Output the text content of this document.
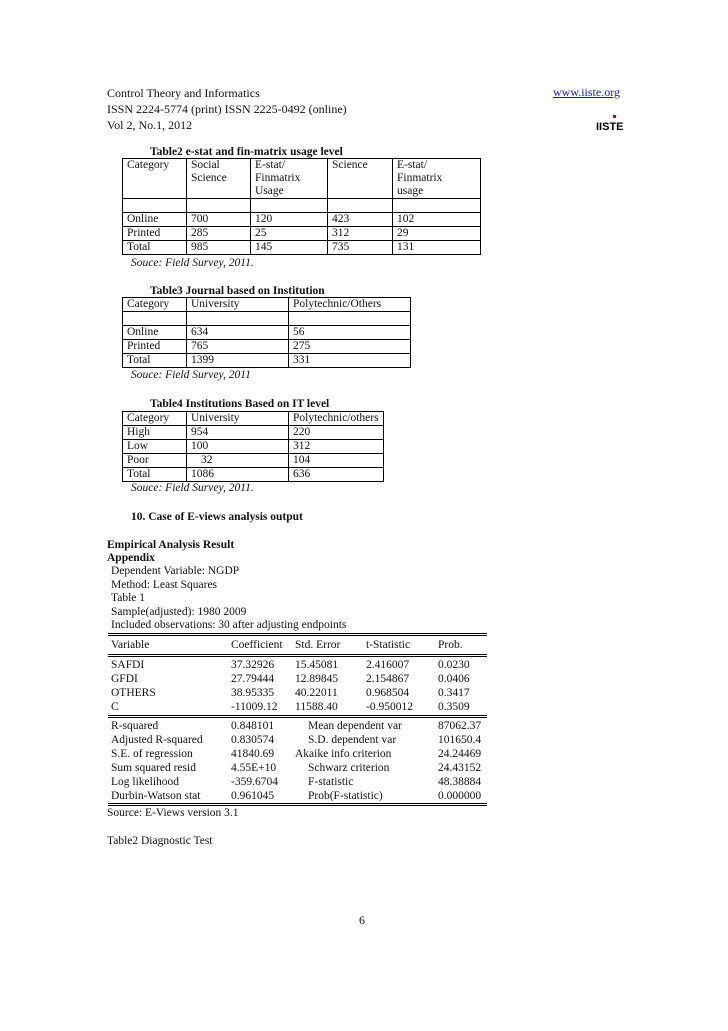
Control Theory and Informatics
ISSN 2224-5774 (print) ISSN 2225-0492 (online)
Vol 2, No.1, 2012
www.iiste.org
IISTE
Table2 e-stat and fin-matrix usage level
Category	Social	E-stat/	Science	E-stat/
	Science	Finmatrix		Finmatrix
		Usage		usage

Online	700	120	423	102
Printed	285	25	312	29
Total	985	145	735	131
Souce: Field Survey, 2011.
Table3 Journal based on Institution
Category	University	Polytechnic/Others

Online	634	56
Printed	765	275
Total	1399	331
Souce: Field Survey, 2011
Table4 Institutions Based on IT level
Category	University	Polytechnic/others
High	954	220
Low	100	312
Poor	32	104
Total	1086	636
Souce: Field Survey, 2011.
10. Case of E-views analysis output
Empirical Analysis Result
Appendix
Dependent Variable: NGDP
Method: Least Squares
Table 1
Sample(adjusted): 1980 2009
Included observations: 30 after adjusting endpoints
Variable	Coefficient Std. Error t-Statistic Prob.
SAFDI	37.32926 15.45081 2.416007	0.0230
GFDI	27.79444 12.89845 2.154867	0.0406
OTHERS	38.95335 40.22011 0.968504	0.3417
C	-11009.12 11588.40 -0.950012 0.3509
R-squared	0.848101	Mean dependent var	87062.37
Adjusted R-squared 0.830574	S.D. dependent var	101650.4
S.E. of regression	41840.69 Akaike info criterion	24.24469
Sum squared resid	4.55E+10	Schwarz criterion	24.43152
Log likelihood	-359.6704	F-statistic	48.38884
Durbin-Watson stat	0.961045	Prob(F-statistic)	0.000000
Source: E-Views version 3.1
Table2 Diagnostic Test
6
